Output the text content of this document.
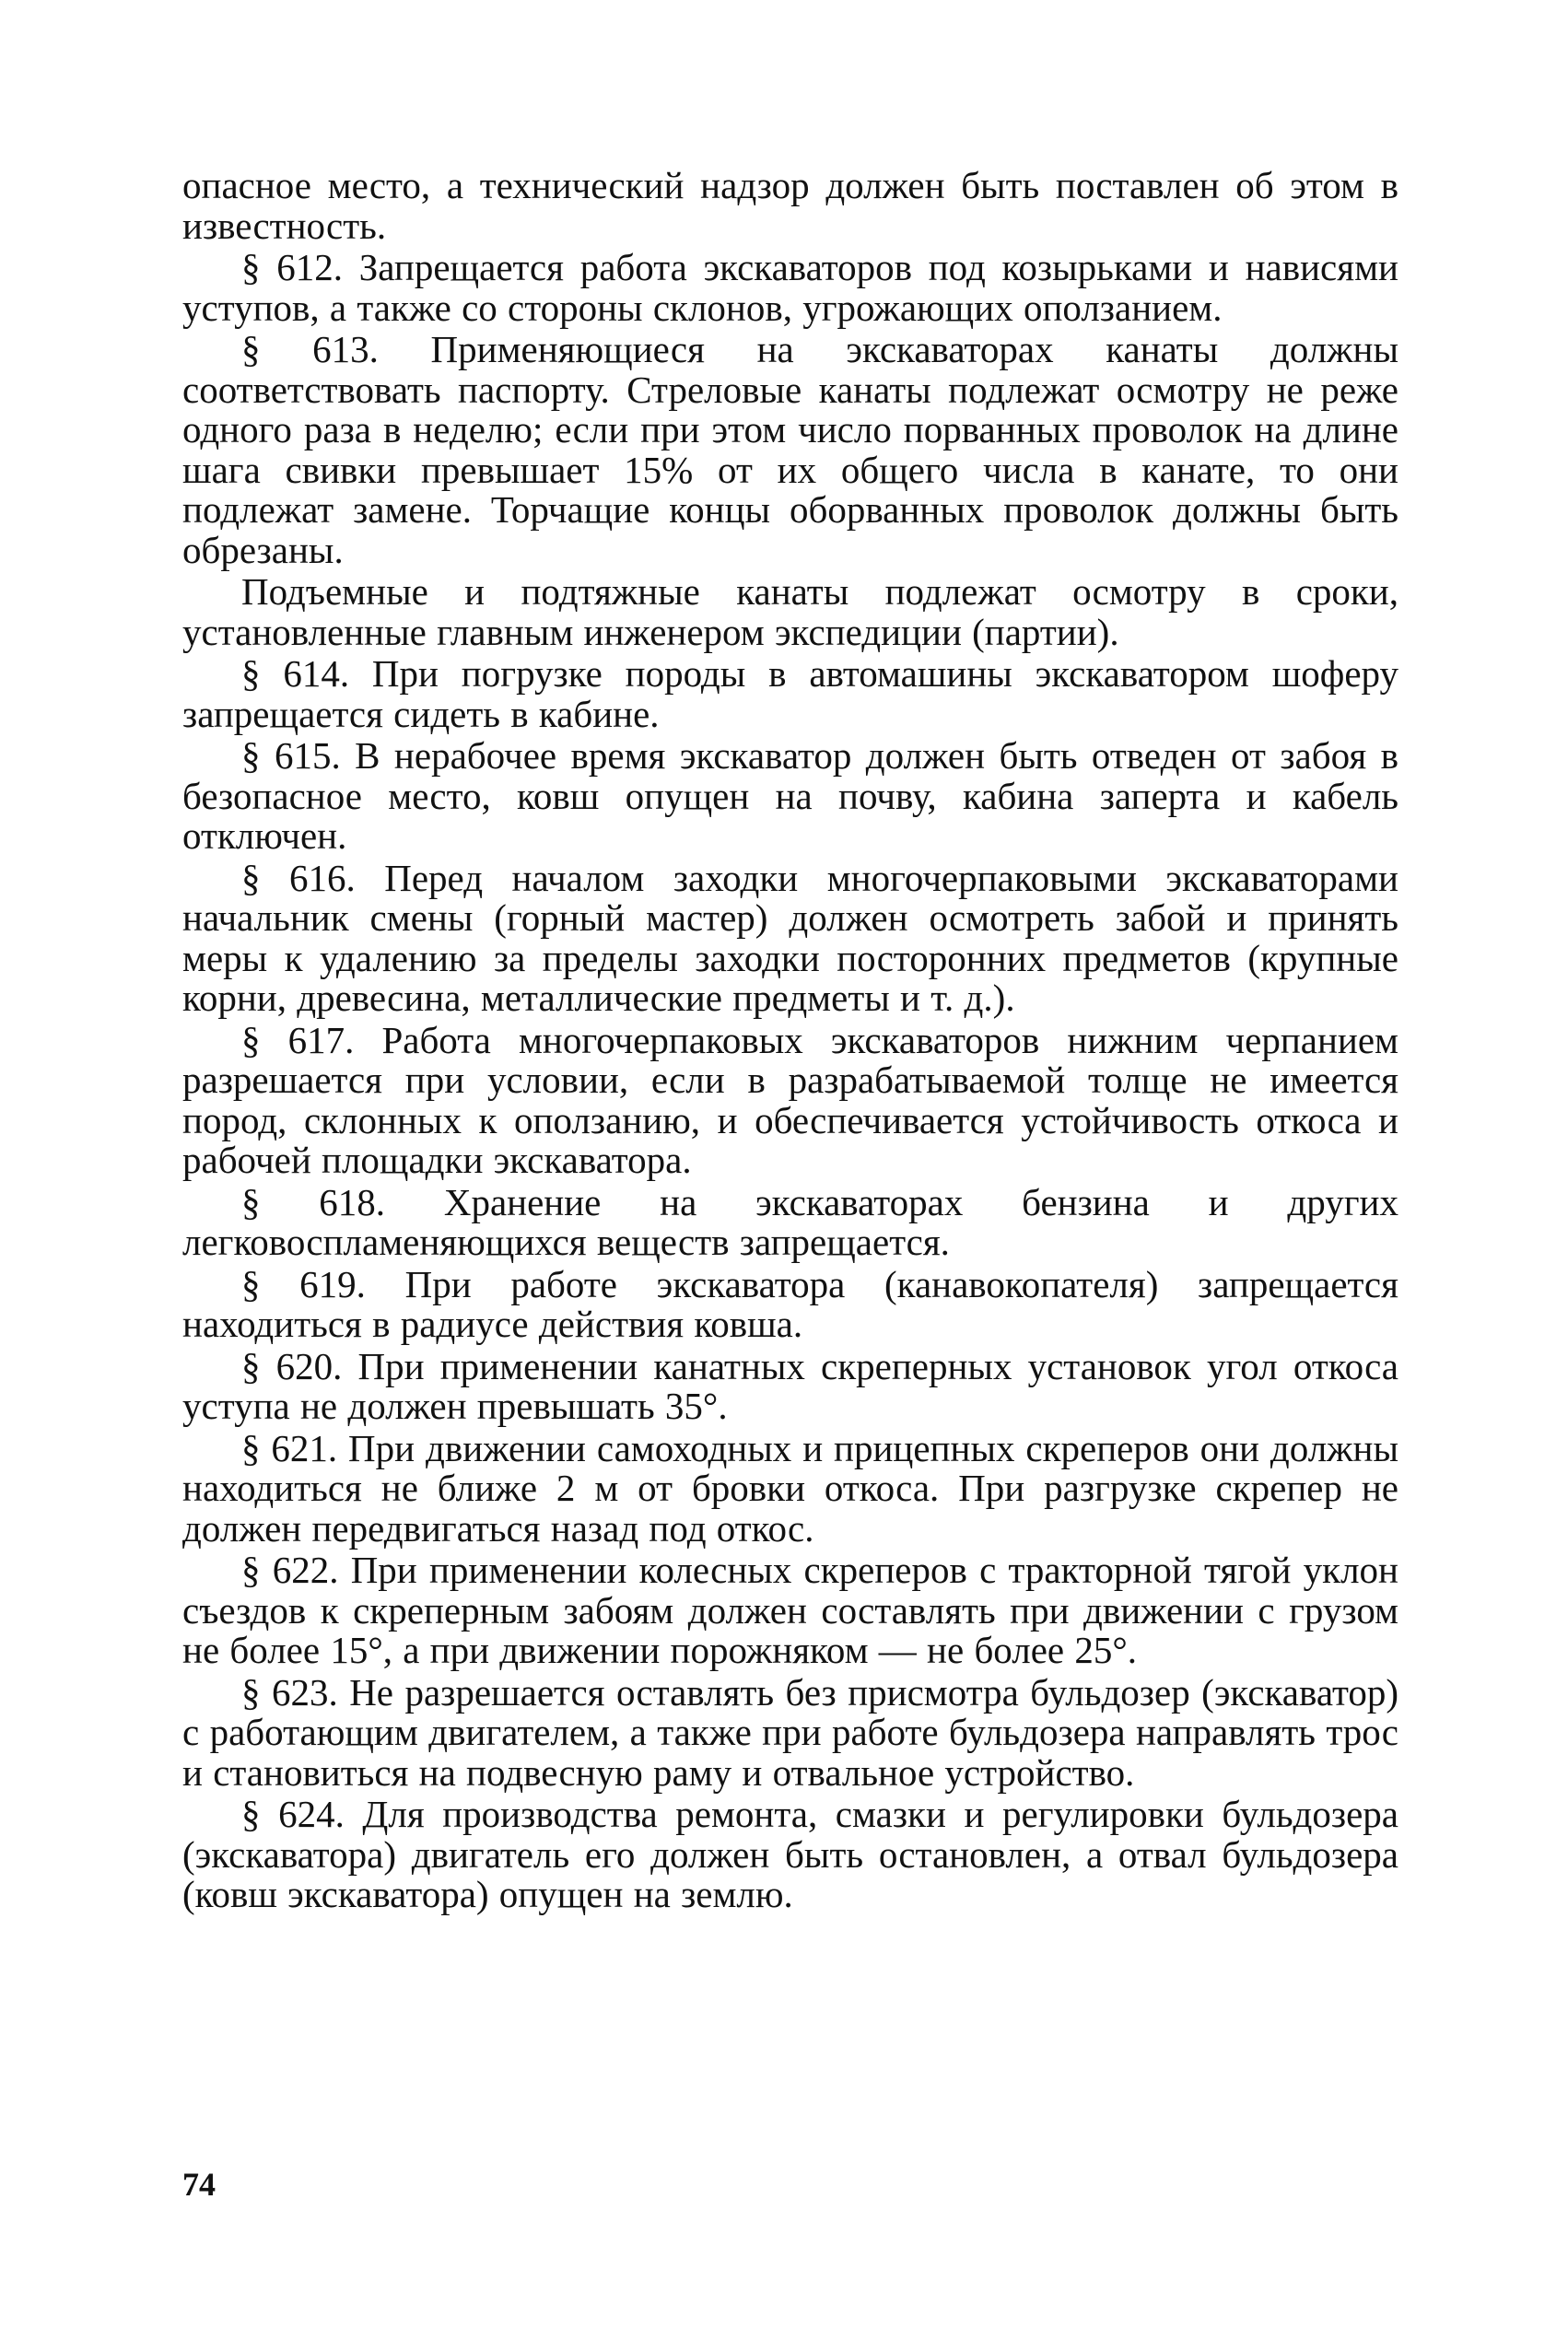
опасное место, а технический надзор должен быть поставлен об этом в известность.

§ 612. Запрещается работа экскаваторов под козырьками и нависями уступов, а также со стороны склонов, угрожающих оползанием.

§ 613. Применяющиеся на экскаваторах канаты должны соответствовать паспорту. Стреловые канаты подлежат осмотру не реже одного раза в неделю; если при этом число порванных проволок на длине шага свивки превышает 15% от их общего числа в канате, то они подлежат замене. Торчащие концы оборванных проволок должны быть обрезаны.

Подъемные и подтяжные канаты подлежат осмотру в сроки, установленные главным инженером экспедиции (партии).

§ 614. При погрузке породы в автомашины экскаватором шоферу запрещается сидеть в кабине.

§ 615. В нерабочее время экскаватор должен быть отведен от забоя в безопасное место, ковш опущен на почву, кабина заперта и кабель отключен.

§ 616. Перед началом заходки многочерпаковыми экскаваторами начальник смены (горный мастер) должен осмотреть забой и принять меры к удалению за пределы заходки посторонних предметов (крупные корни, древесина, металлические предметы и т. д.).

§ 617. Работа многочерпаковых экскаваторов нижним черпанием разрешается при условии, если в разрабатываемой толще не имеется пород, склонных к оползанию, и обеспечивается устойчивость откоса и рабочей площадки экскаватора.

§ 618. Хранение на экскаваторах бензина и других легковоспламеняющихся веществ запрещается.

§ 619. При работе экскаватора (канавокопателя) запрещается находиться в радиусе действия ковша.

§ 620. При применении канатных скреперных установок угол откоса уступа не должен превышать 35°.

§ 621. При движении самоходных и прицепных скреперов они должны находиться не ближе 2 м от бровки откоса. При разгрузке скрепер не должен передвигаться назад под откос.

§ 622. При применении колесных скреперов с тракторной тягой уклон съездов к скреперным забоям должен составлять при движении с грузом не более 15°, а при движении порожняком — не более 25°.

§ 623. Не разрешается оставлять без присмотра бульдозер (экскаватор) с работающим двигателем, а также при работе бульдозера направлять трос и становиться на подвесную раму и отвальное устройство.

§ 624. Для производства ремонта, смазки и регулировки бульдозера (экскаватора) двигатель его должен быть остановлен, а отвал бульдозера (ковш экскаватора) опущен на землю.

74
